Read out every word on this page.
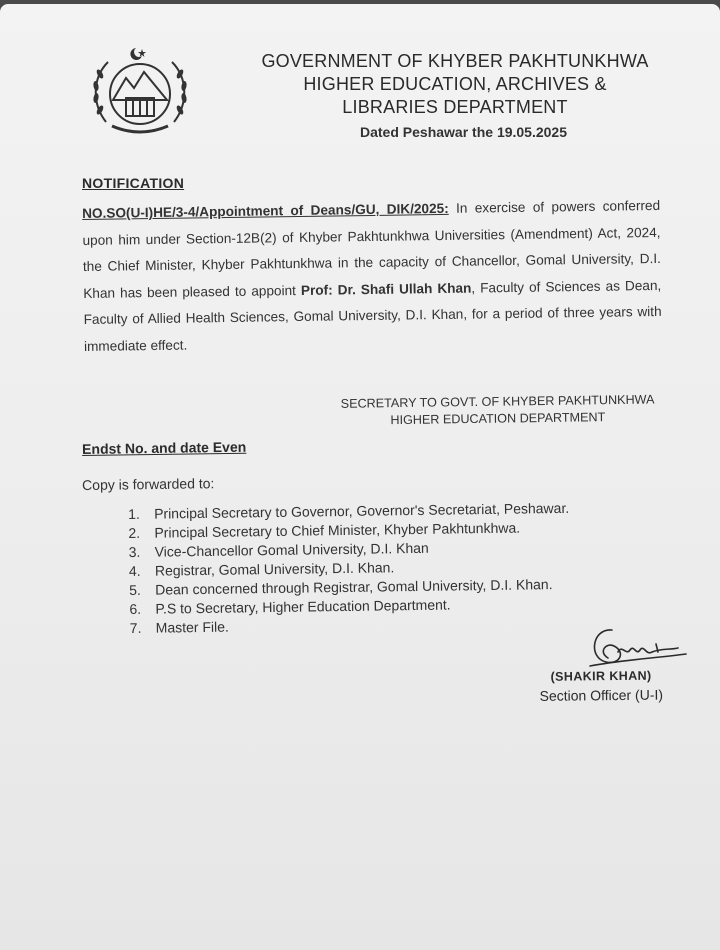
GOVERNMENT OF KHYBER PAKHTUNKHWA
HIGHER EDUCATION, ARCHIVES &
LIBRARIES DEPARTMENT
Dated Peshawar the 19.05.2025
NOTIFICATION
NO.SO(U-I)HE/3-4/Appointment of Deans/GU, DIK/2025: In exercise of powers conferred upon him under Section-12B(2) of Khyber Pakhtunkhwa Universities (Amendment) Act, 2024, the Chief Minister, Khyber Pakhtunkhwa in the capacity of Chancellor, Gomal University, D.I. Khan has been pleased to appoint Prof: Dr. Shafi Ullah Khan, Faculty of Sciences as Dean, Faculty of Allied Health Sciences, Gomal University, D.I. Khan, for a period of three years with immediate effect.
SECRETARY TO GOVT. OF KHYBER PAKHTUNKHWA
HIGHER EDUCATION DEPARTMENT
Endst No. and date Even
Copy is forwarded to:
1. Principal Secretary to Governor, Governor's Secretariat, Peshawar.
2. Principal Secretary to Chief Minister, Khyber Pakhtunkhwa.
3. Vice-Chancellor Gomal University, D.I. Khan
4. Registrar, Gomal University, D.I. Khan.
5. Dean concerned through Registrar, Gomal University, D.I. Khan.
6. P.S to Secretary, Higher Education Department.
7. Master File.
(SHAKIR KHAN)
Section Officer (U-I)
